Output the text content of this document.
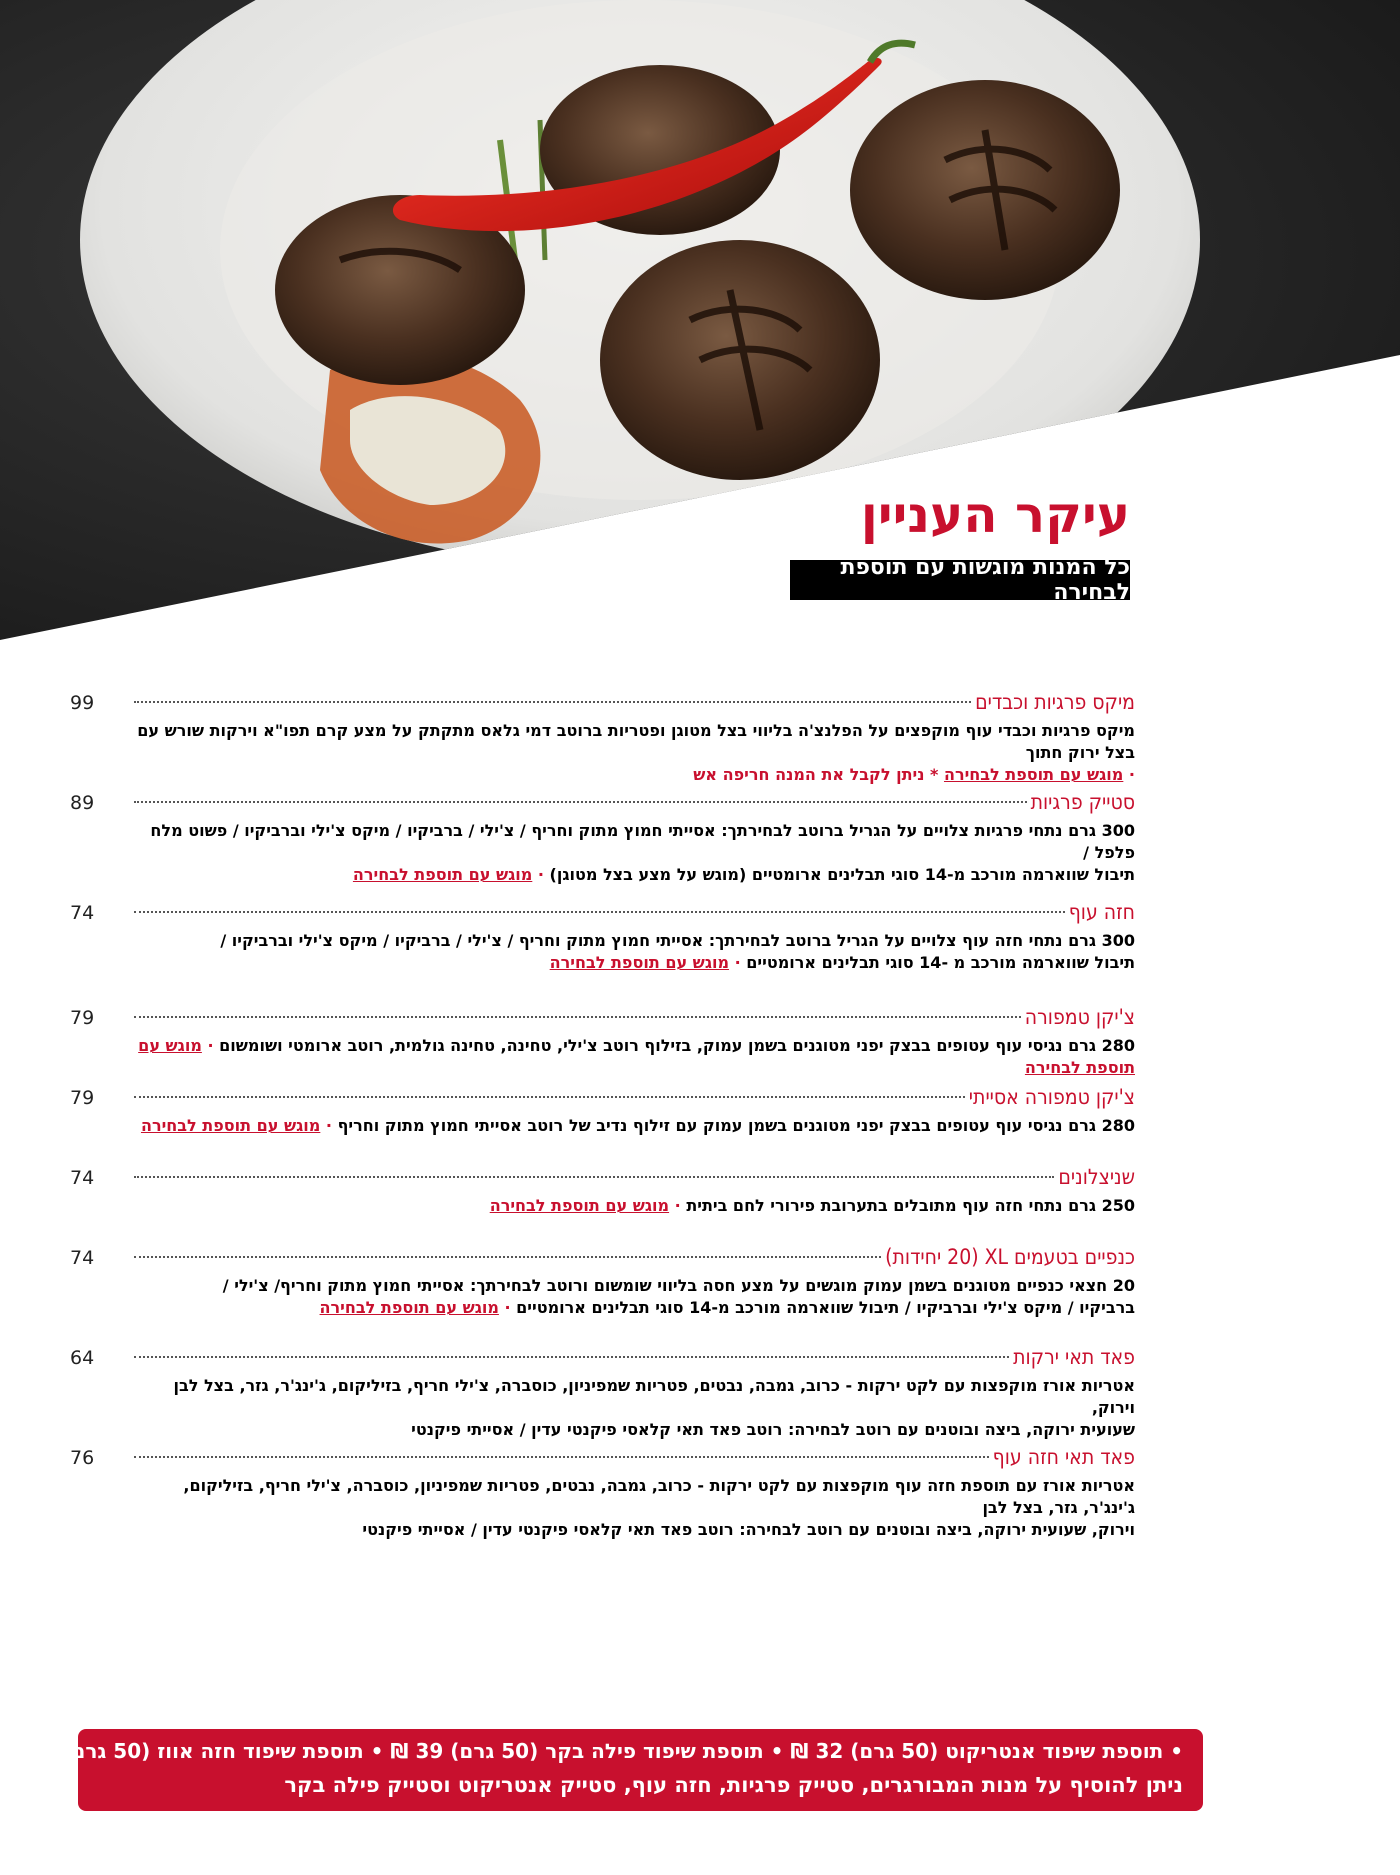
עיקר העניין
כל המנות מוגשות עם תוספת לבחירה
מיקס פרגיות וכבדים
99
מיקס פרגיות וכבדי עוף מוקפצים על הפלנצ'ה בליווי בצל מטוגן ופטריות ברוטב דמי גלאס מתקתק על מצע קרם תפו"א וירקות שורש עם בצל ירוק חתוך
· מוגש עם תוספת לבחירה * ניתן לקבל את המנה חריפה אש
סטייק פרגיות
89
300 גרם נתחי פרגיות צלויים על הגריל ברוטב לבחירתך: אסייתי חמוץ מתוק וחריף / צ'ילי / ברביקיו / מיקס צ'ילי וברביקיו / פשוט מלח פלפל /
תיבול שווארמה מורכב מ-14 סוגי תבלינים ארומטיים (מוגש על מצע בצל מטוגן) · מוגש עם תוספת לבחירה
חזה עוף
74
300 גרם נתחי חזה עוף צלויים על הגריל ברוטב לבחירתך: אסייתי חמוץ מתוק וחריף / צ'ילי / ברביקיו / מיקס צ'ילי וברביקיו /
תיבול שווארמה מורכב מ -14 סוגי תבלינים ארומטיים · מוגש עם תוספת לבחירה
צ'יקן טמפורה
79
280 גרם נגיסי עוף עטופים בבצק יפני מטוגנים בשמן עמוק, בזילוף רוטב צ'ילי, טחינה, טחינה גולמית, רוטב ארומטי ושומשום · מוגש עם תוספת לבחירה
צ'יקן טמפורה אסייתי
79
280 גרם נגיסי עוף עטופים בבצק יפני מטוגנים בשמן עמוק עם זילוף נדיב של רוטב אסייתי חמוץ מתוק וחריף · מוגש עם תוספת לבחירה
שניצלונים
74
250 גרם נתחי חזה עוף מתובלים בתערובת פירורי לחם ביתית · מוגש עם תוספת לבחירה
כנפיים בטעמים XL
(20 יחידות)
74
20 חצאי כנפיים מטוגנים בשמן עמוק מוגשים על מצע חסה בליווי שומשום ורוטב לבחירתך: אסייתי חמוץ מתוק וחריף/ צ'ילי /
ברביקיו / מיקס צ'ילי וברביקיו / תיבול שווארמה מורכב מ-14 סוגי תבלינים ארומטיים · מוגש עם תוספת לבחירה
פאד תאי ירקות
64
אטריות אורז מוקפצות עם לקט ירקות - כרוב, גמבה, נבטים, פטריות שמפיניון, כוסברה, צ'ילי חריף, בזיליקום, ג'ינג'ר, גזר, בצל לבן וירוק,
שעועית ירוקה, ביצה ובוטנים עם רוטב לבחירה: רוטב פאד תאי קלאסי פיקנטי עדין / אסייתי פיקנטי
פאד תאי חזה עוף
76
אטריות אורז עם תוספת חזה עוף מוקפצות עם לקט ירקות - כרוב, גמבה, נבטים, פטריות שמפיניון, כוסברה, צ'ילי חריף, בזיליקום, ג'ינג'ר, גזר, בצל לבן
וירוק, שעועית ירוקה, ביצה ובוטנים עם רוטב לבחירה: רוטב פאד תאי קלאסי פיקנטי עדין / אסייתי פיקנטי
• תוספת שיפוד אנטריקוט (50 גרם) 32 ₪ • תוספת שיפוד פילה בקר (50 גרם) 39 ₪ • תוספת שיפוד חזה אווז (50 גרם) 26 ₪
ניתן להוסיף על מנות המבורגרים, סטייק פרגיות, חזה עוף, סטייק אנטריקוט וסטייק פילה בקר
